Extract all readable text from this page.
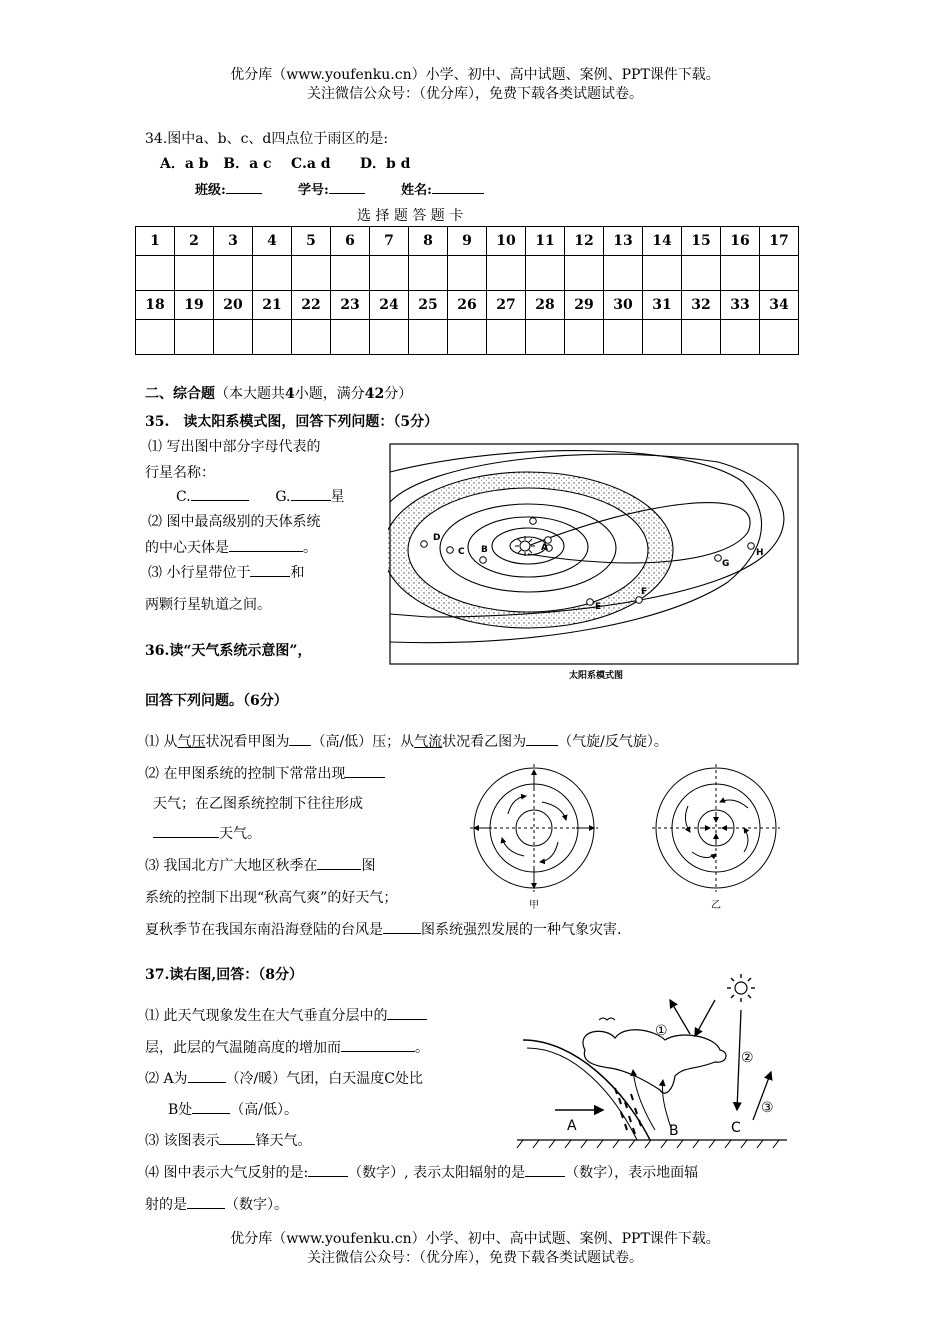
优分库（www.youfenku.cn）小学、初中、高中试题、案例、PPT课件下载。
关注微信公众号：（优分库），免费下载各类试题试卷。
34.图中a、b、c、d四点位于雨区的是:
A．a b B．a c C.a d D．b d
班级:	学号:	姓名:
选 择 题 答 题 卡
1	2	3	4	5	6	7	8	9	10	11	12	13	14	15	16	17

18	19	20	21	22	23	24	25	26	27	28	29	30	31	32	33	34

二、综合题（本大题共4小题，满分42分）
35.　读太阳系模式图，回答下列问题：（5分）
⑴ 写出图中部分字母代表的
行星名称：
C.	G.	星
⑵ 图中最高级别的天体系统
的中心天体是	。
⑶ 小行星带位于	和
两颗行星轨道之间。
D
C B	A
G
H
F
E
太阳系模式图
36.读“天气系统示意图”，
回答下列问题。（6分）
⑴ 从气压状况看甲图为 （高/低）压；从气流状况看乙图为 （气旋/反气旋）。
⑵ 在甲图系统的控制下常常出现
天气；在乙图系统控制下往往形成
天气。
⑶ 我国北方广大地区秋季在	图
系统的控制下出现“秋高气爽”的好天气；
夏秋季节在我国东南沿海登陆的台风是	图系统强烈发展的一种气象灾害.
甲	乙
37.读右图,回答：（8分）
⑴ 此天气现象发生在大气垂直分层中的
层，此层的气温随高度的增加而	。
⑵ A为	（冷/暖）气团，白天温度C处比
B处	（高/低）。
⑶ 该图表示	锋天气。
⑷ 图中表示大气反射的是:	（数字）, 表示太阳辐射的是	（数字），表示地面辐
射的是	（数字）。
①
②
③
A	B	C
优分库（www.youfenku.cn）小学、初中、高中试题、案例、PPT课件下载。
关注微信公众号：（优分库），免费下载各类试题试卷。
